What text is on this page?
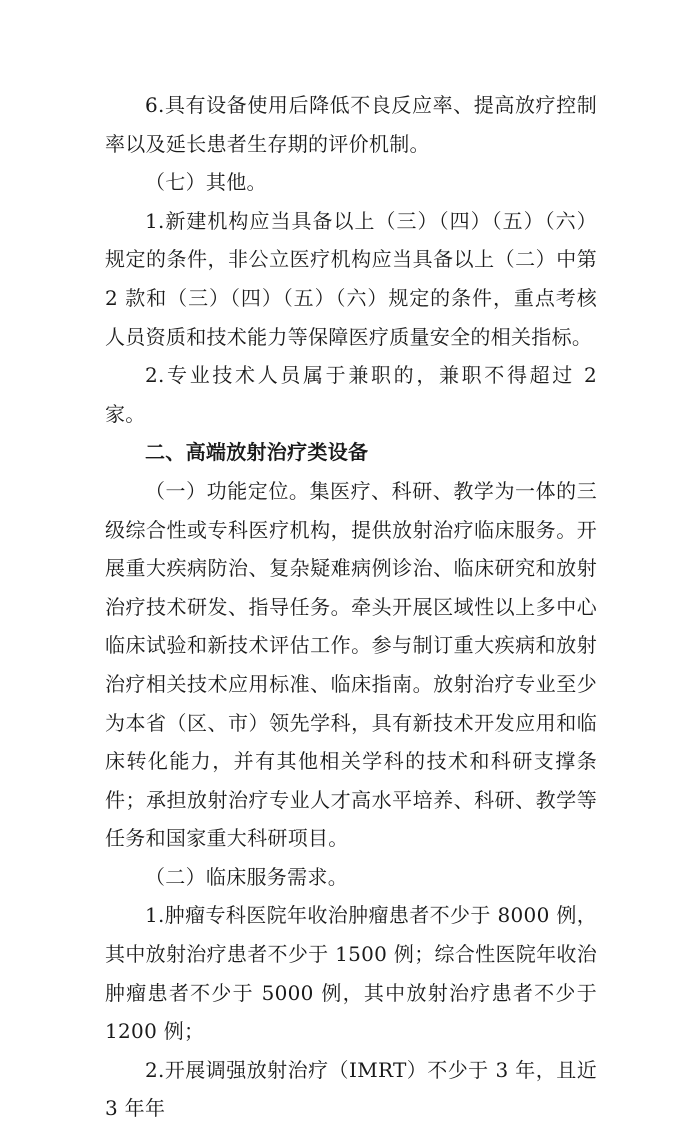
6.具有设备使用后降低不良反应率、提高放疗控制率以及延长患者生存期的评价机制。

（七）其他。

1.新建机构应当具备以上（三）（四）（五）（六）规定的条件，非公立医疗机构应当具备以上（二）中第 2 款和（三）（四）（五）（六）规定的条件，重点考核人员资质和技术能力等保障医疗质量安全的相关指标。

2.专业技术人员属于兼职的，兼职不得超过 2 家。

二、高端放射治疗类设备

（一）功能定位。集医疗、科研、教学为一体的三级综合性或专科医疗机构，提供放射治疗临床服务。开展重大疾病防治、复杂疑难病例诊治、临床研究和放射治疗技术研发、指导任务。牵头开展区域性以上多中心临床试验和新技术评估工作。参与制订重大疾病和放射治疗相关技术应用标准、临床指南。放射治疗专业至少为本省（区、市）领先学科，具有新技术开发应用和临床转化能力，并有其他相关学科的技术和科研支撑条件；承担放射治疗专业人才高水平培养、科研、教学等任务和国家重大科研项目。

（二）临床服务需求。

1.肿瘤专科医院年收治肿瘤患者不少于 8000 例，其中放射治疗患者不少于 1500 例；综合性医院年收治肿瘤患者不少于 5000 例，其中放射治疗患者不少于 1200 例；

2.开展调强放射治疗（IMRT）不少于 3 年，且近 3 年年
